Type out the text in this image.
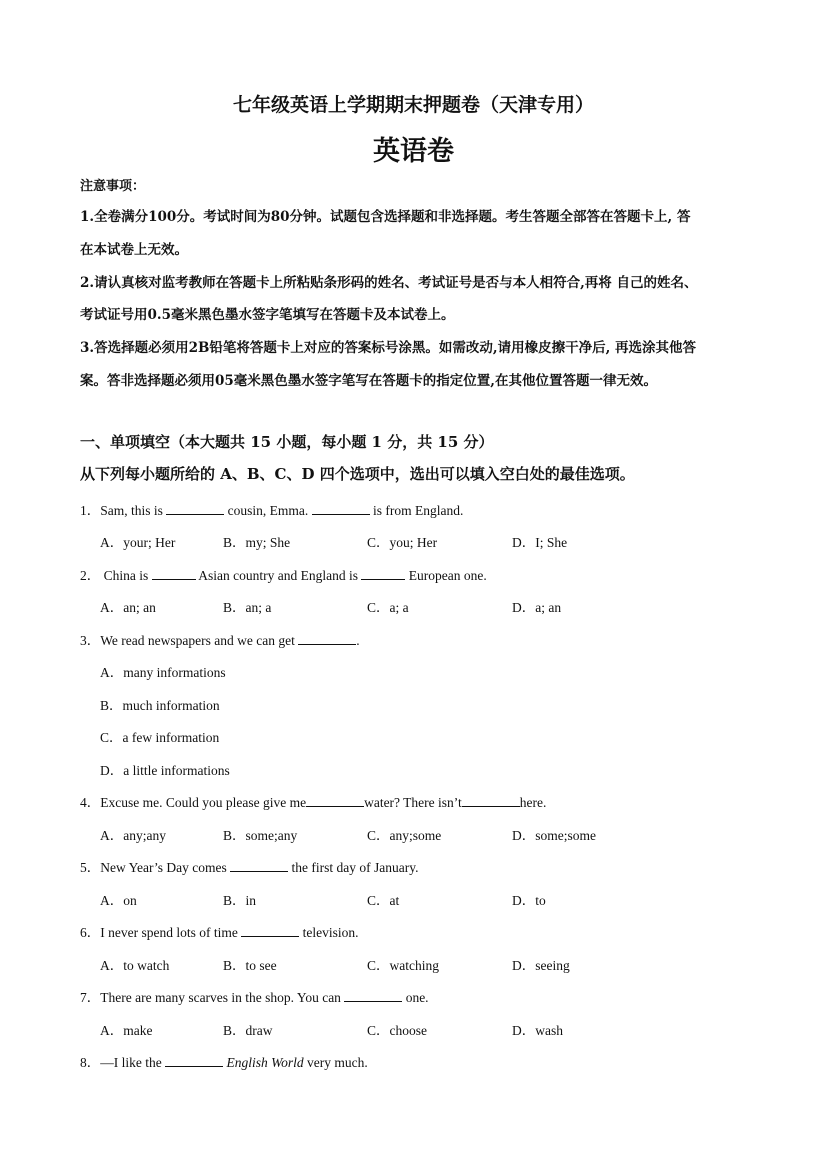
七年级英语上学期期末押题卷（天津专用）
英语卷
注意事项：
1.全卷满分100分。考试时间为80分钟。试题包含选择题和非选择题。考生答题全部答在答题卡上, 答
在本试卷上无效。
2.请认真核对监考教师在答题卡上所粘贴条形码的姓名、考试证号是否与本人相符合,再将 自己的姓名、
考试证号用0.5毫米黑色墨水签字笔填写在答题卡及本试卷上。
3.答选择题必须用2B铅笔将答题卡上对应的答案标号涂黑。如需改动,请用橡皮擦干净后, 再选涂其他答
案。答非选择题必须用05毫米黑色墨水签字笔写在答题卡的指定位置,在其他位置答题一律无效。
一、单项填空（本大题共 15 小题，每小题 1 分，共 15 分）
从下列每小题所给的 A、B、C、D 四个选项中，选出可以填入空白处的最佳选项。
1．Sam, this is	cousin, Emma.	is from England.
A．your; Her	B．my; She	C．you; Her	D．I; She
2． China is	Asian country and England is	European one.
A．an; an	B．an; a	C．a; a	D．a; an
3．We read newspapers and we can get	.
A．many informations
B．much information
C．a few information
D．a little informations
4．Excuse me. Could you please give me	water? There isn’t	here.
A．any;any	B．some;any	C．any;some	D．some;some
5．New Year’s Day comes	the first day of January.
A．on	B．in	C．at	D．to
6．I never spend lots of time	television.
A．to watch	B．to see	C．watching	D．seeing
7．There are many scarves in the shop. You can	one.
A．make	B．draw	C．choose	D．wash
8．—I like the	English World very much.
